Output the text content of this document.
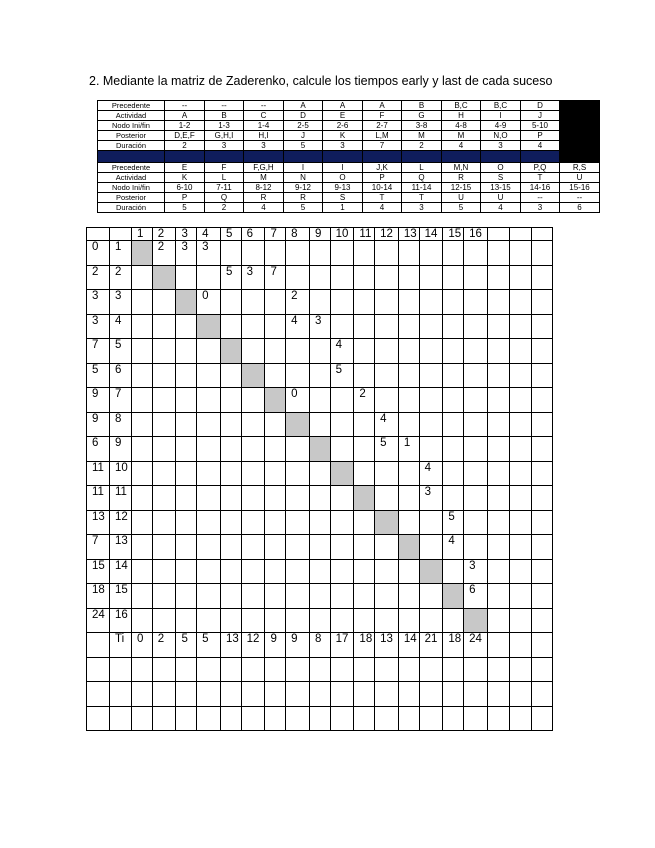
2. Mediante la matriz de Zaderenko, calcule los tiempos early y last de cada suceso
Precedente	--	--	--	A	A	A	B	B,C	B,C	D	
Actividad	A	B	C	D	E	F	G	H	I	J	
Nodo Ini/fin	1-2	1-3	1-4	2-5	2-6	2-7	3-8	4-8	4-9	5-10	
Posterior	D,E,F	G,H,I	H,I	J	K	L,M	M	M	N,O	P	
Duración	2	3	3	5	3	7	2	4	3	4	

Precedente	E	F	F,G,H	I	I	J,K	L	M,N	O	P,Q	R,S
Actividad	K	L	M	N	O	P	Q	R	S	T	U
Nodo Ini/fin	6-10	7-11	8-12	9-12	9-13	10-14	11-14	12-15	13-15	14-16	15-16
Posterior	P	Q	R	R	S	T	T	U	U	--	--
Duración	5	2	4	5	1	4	3	5	4	3	6
		1	2	3	4	5	6	7	8	9	10	11	12	13	14	15	16			
0	1		2	3	3															
2	2					5	3	7												
3	3				0				2											
3	4								4	3										
7	5										4									
5	6										5									
9	7								0			2								
9	8												4							
6	9												5	1						
11	10														4					
11	11														3					
13	12															5				
7	13															4				
15	14																3			
18	15																6			
24	16																			
	Ti	0	2	5	5	13	12	9	9	8	17	18	13	14	21	18	24			
